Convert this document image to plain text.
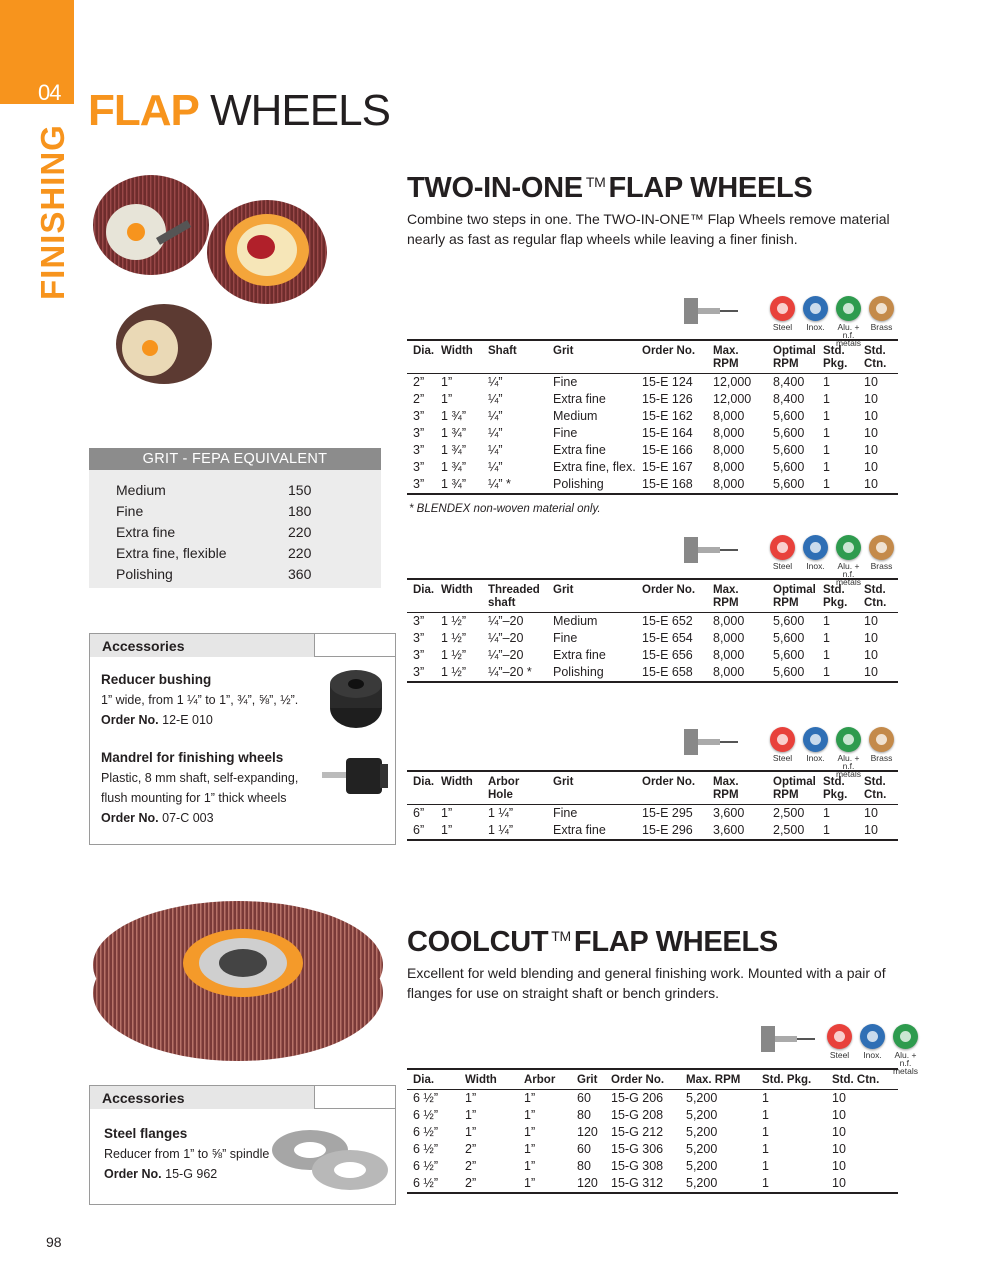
04
FINISHING
FLAP WHEELS
TWO-IN-ONE ™ FLAP WHEELS
Combine two steps in one. The TWO-IN-ONE™ Flap Wheels remove material nearly as fast as regular flap wheels while leaving a finer finish.
GRIT - FEPA EQUIVALENT
Medium	150
Fine	180
Extra fine	220
Extra fine, flexible	220
Polishing	360
Accessories
Reducer bushing
1” wide, from 1 ¼” to 1”, ¾”, ⅝”, ½”.
Order No. 12-E 010
Mandrel for finishing wheels
Plastic, 8 mm shaft, self-expanding,
flush mounting for 1” thick wheels
Order No. 07-C 003
Accessories
Steel flanges
Reducer from 1” to ⅝” spindle
Order No. 15-G 962
Steel	Inox.	Alu. +
n.f. metals
Brass
Steel	Inox.	Alu. +
n.f. metals
Brass
Steel	Inox.	Alu. +
n.f. metals
Brass
Steel	Inox.	Alu. +
n.f. metals
Dia.	Width	Shaft	Grit	Order No.	Max. RPM	Optimal RPM	Std. Pkg.	Std. Ctn.
2”	1”	¼”	Fine	15-E 124	12,000	8,400	1	10
2”	1”	¼”	Extra fine	15-E 126	12,000	8,400	1	10
3”	1 ¾”	¼”	Medium	15-E 162	8,000	5,600	1	10
3”	1 ¾”	¼”	Fine	15-E 164	8,000	5,600	1	10
3”	1 ¾”	¼”	Extra fine	15-E 166	8,000	5,600	1	10
3”	1 ¾”	¼”	Extra fine, flex.	15-E 167	8,000	5,600	1	10
3”	1 ¾”	¼” *	Polishing	15-E 168	8,000	5,600	1	10
* BLENDEX non-woven material only.
Dia.	Width	Threaded shaft	Grit	Order No.	Max. RPM	Optimal RPM	Std. Pkg.	Std. Ctn.
3”	1 ½”	¼”–20	Medium	15-E 652	8,000	5,600	1	10
3”	1 ½”	¼”–20	Fine	15-E 654	8,000	5,600	1	10
3”	1 ½”	¼”–20	Extra fine	15-E 656	8,000	5,600	1	10
3”	1 ½”	¼”–20 *	Polishing	15-E 658	8,000	5,600	1	10
Dia.	Width	Arbor Hole	Grit	Order No.	Max. RPM	Optimal RPM	Std. Pkg.	Std. Ctn.
6”	1”	1 ¼”	Fine	15-E 295	3,600	2,500	1	10
6”	1”	1 ¼”	Extra fine	15-E 296	3,600	2,500	1	10
COOLCUT ™ FLAP WHEELS
Excellent for weld blending and general finishing work. Mounted with a pair of flanges for use on straight shaft or bench grinders.
Dia.	Width	Arbor	Grit	Order No.	Max. RPM	Std. Pkg.	Std. Ctn.
6 ½”	1”	1”	60	15-G 206	5,200	1	10
6 ½”	1”	1”	80	15-G 208	5,200	1	10
6 ½”	1”	1”	120	15-G 212	5,200	1	10
6 ½”	2”	1”	60	15-G 306	5,200	1	10
6 ½”	2”	1”	80	15-G 308	5,200	1	10
6 ½”	2”	1”	120	15-G 312	5,200	1	10
98
